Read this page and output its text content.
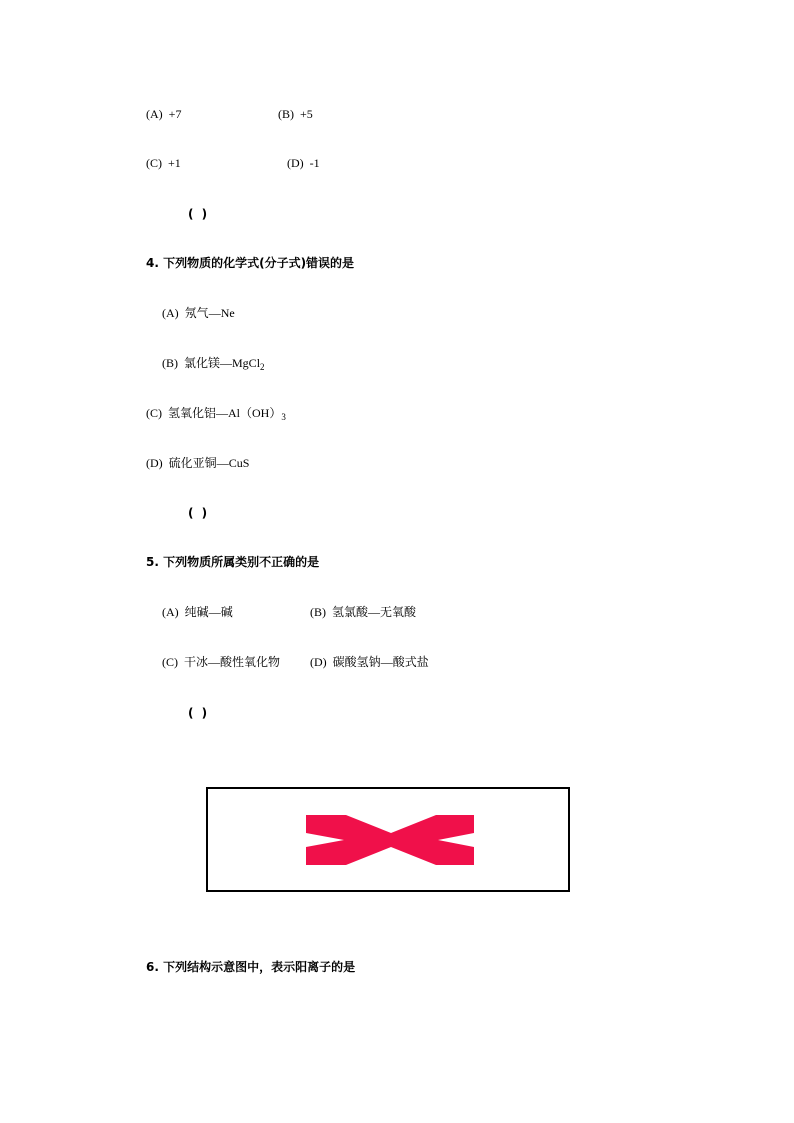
(A) +7	(B) +5
(C) +1	(D) -1
( )
4. 下列物质的化学式(分子式)错误的是
(A) 氖气—Ne
(B) 氯化镁—MgCl$_2$
(C) 氢氧化铝$—Al(OH)_3$
(D) 硫化亚铜—CuS
( )
5. 下列物质所属类别不正确的是
(A) 纯碱—碱	(B) 氢氯酸—无氧酸
(C) 干冰—酸性氧化物 (D) 碳酸氢钠—酸式盐
( )
6. 下列结构示意图中，表示阳离子的是
